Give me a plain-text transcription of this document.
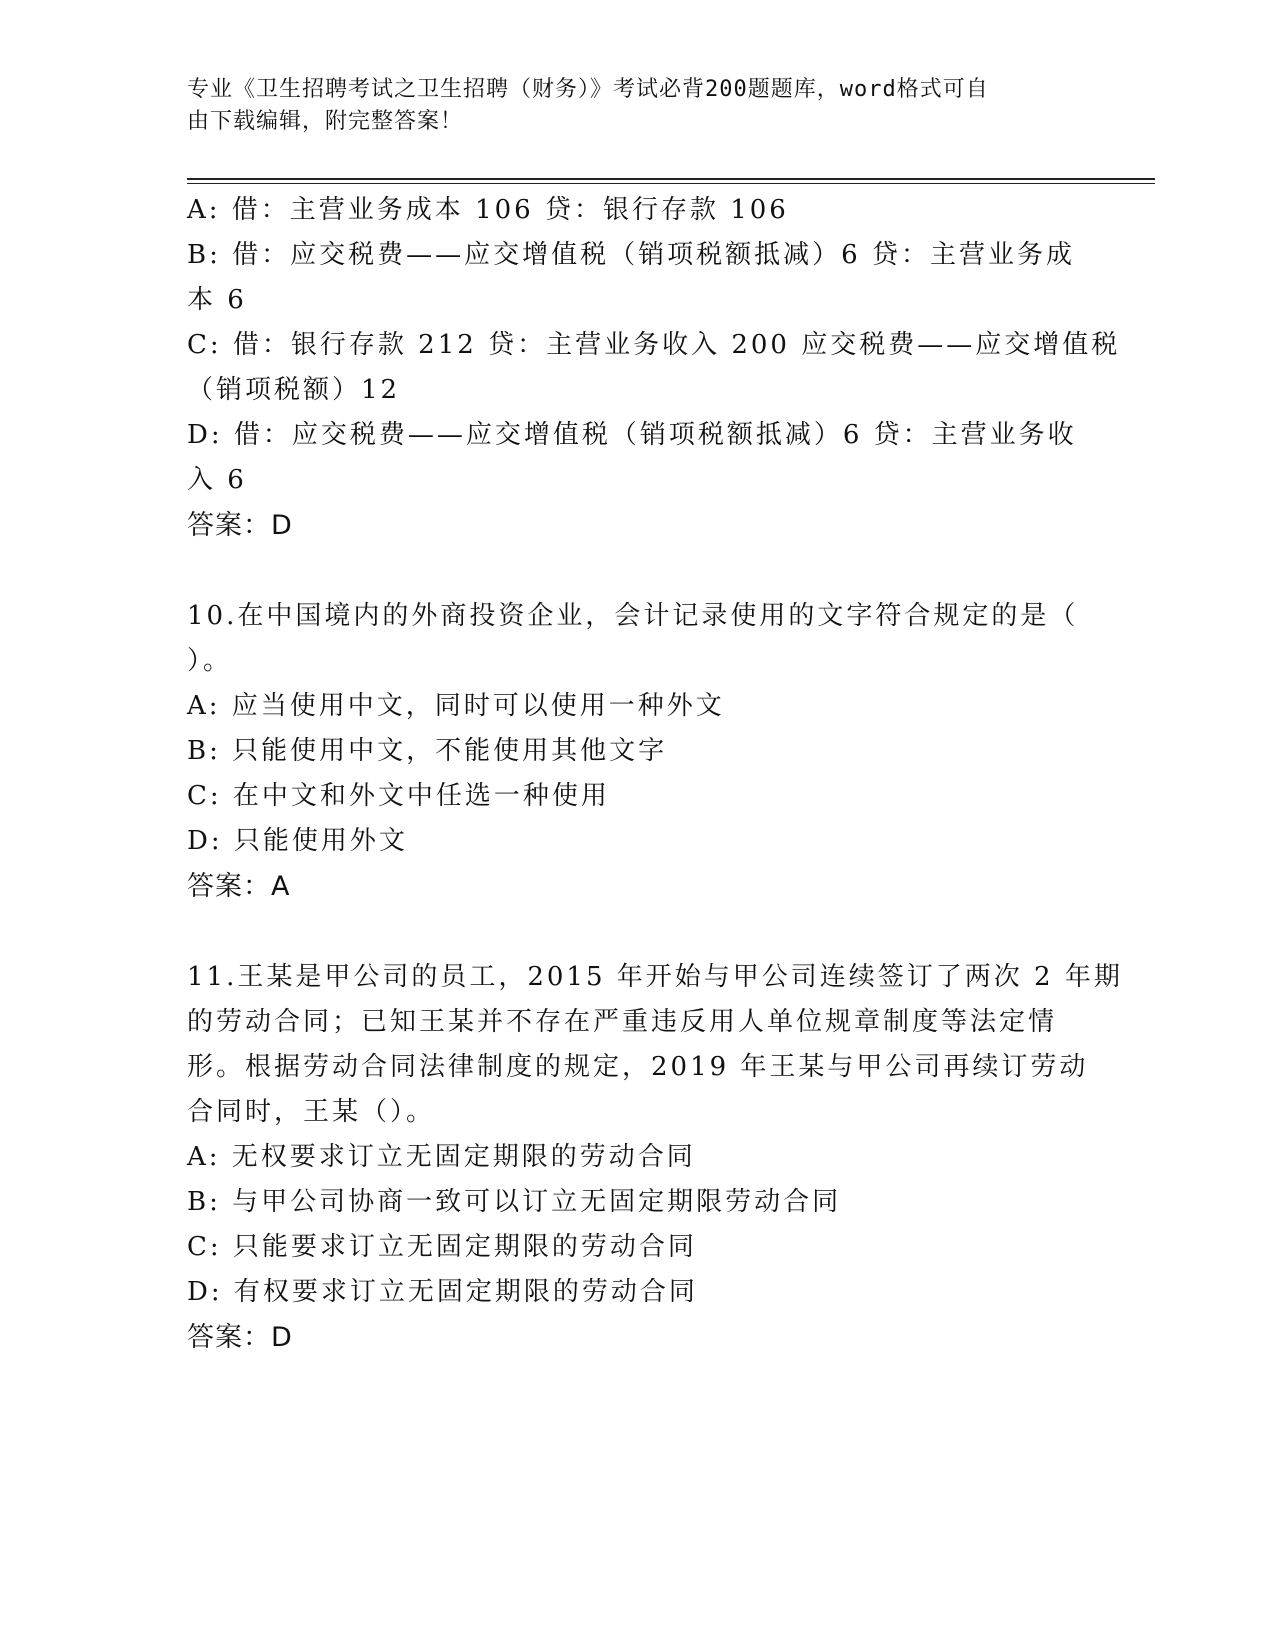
专业《卫生招聘考试之卫生招聘（财务）》考试必背200题题库，word格式可自
由下载编辑，附完整答案！
A: 借：主营业务成本 106 贷：银行存款 106
B: 借：应交税费——应交增值税（销项税额抵减）6 贷：主营业务成
本 6
C: 借：银行存款 212 贷：主营业务收入 200 应交税费——应交增值税
（销项税额）12
D: 借：应交税费——应交增值税（销项税额抵减）6 贷：主营业务收
入 6
答案：D
10.在中国境内的外商投资企业，会计记录使用的文字符合规定的是（
）。
A: 应当使用中文，同时可以使用一种外文
B: 只能使用中文，不能使用其他文字
C: 在中文和外文中任选一种使用
D: 只能使用外文
答案：A
11.王某是甲公司的员工，2015 年开始与甲公司连续签订了两次 2 年期
的劳动合同；已知王某并不存在严重违反用人单位规章制度等法定情
形。根据劳动合同法律制度的规定，2019 年王某与甲公司再续订劳动
合同时，王某（）。
A: 无权要求订立无固定期限的劳动合同
B: 与甲公司协商一致可以订立无固定期限劳动合同
C: 只能要求订立无固定期限的劳动合同
D: 有权要求订立无固定期限的劳动合同
答案：D
